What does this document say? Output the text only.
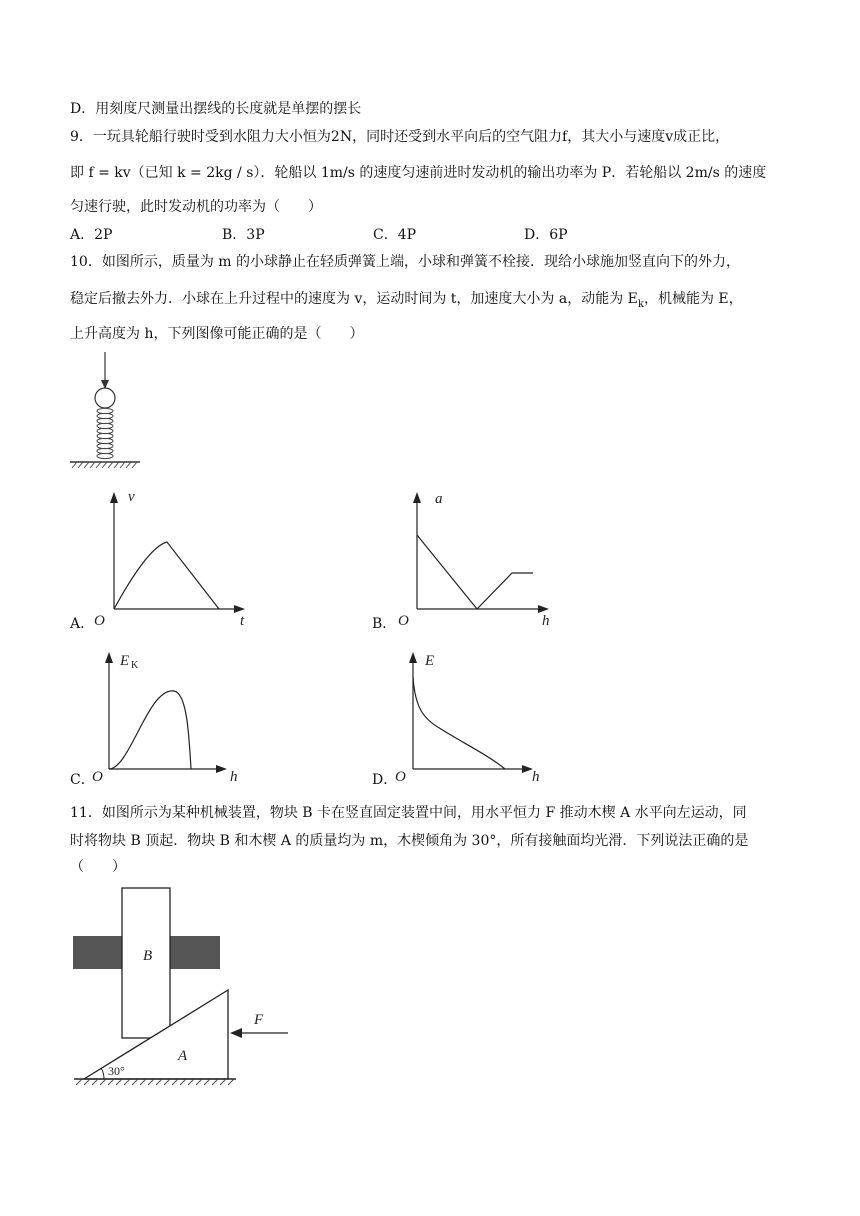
D．用刻度尺测量出摆线的长度就是单摆的摆长
9．一玩具轮船行驶时受到水阻力大小恒为2N，同时还受到水平向后的空气阻力f，其大小与速度v成正比，
即 f = kv（已知 k = 2kg / s）．轮船以 1m/s 的速度匀速前进时发动机的输出功率为 P．若轮船以 2m/s 的速度
匀速行驶，此时发动机的功率为（　　）
A．2P	B．3P	C．4P	D．6P
10．如图所示，质量为 m 的小球静止在轻质弹簧上端，小球和弹簧不栓接．现给小球施加竖直向下的外力，
稳定后撤去外力．小球在上升过程中的速度为 v，运动时间为 t，加速度大小为 a，动能为 $E_k$，机械能为 E，
上升高度为 h，下列图像可能正确的是（　　）
A．
v
t
O	B．
a
h
O
C．
E K
h
O	D．
E
h
O
11．如图所示为某种机械装置，物块 B 卡在竖直固定装置中间，用水平恒力 F 推动木楔 A 水平向左运动，同
时将物块 B 顶起．物块 B 和木楔 A 的质量均为 m，木楔倾角为 30°，所有接触面均光滑．下列说法正确的是
（　　）
30°
F
B
A
